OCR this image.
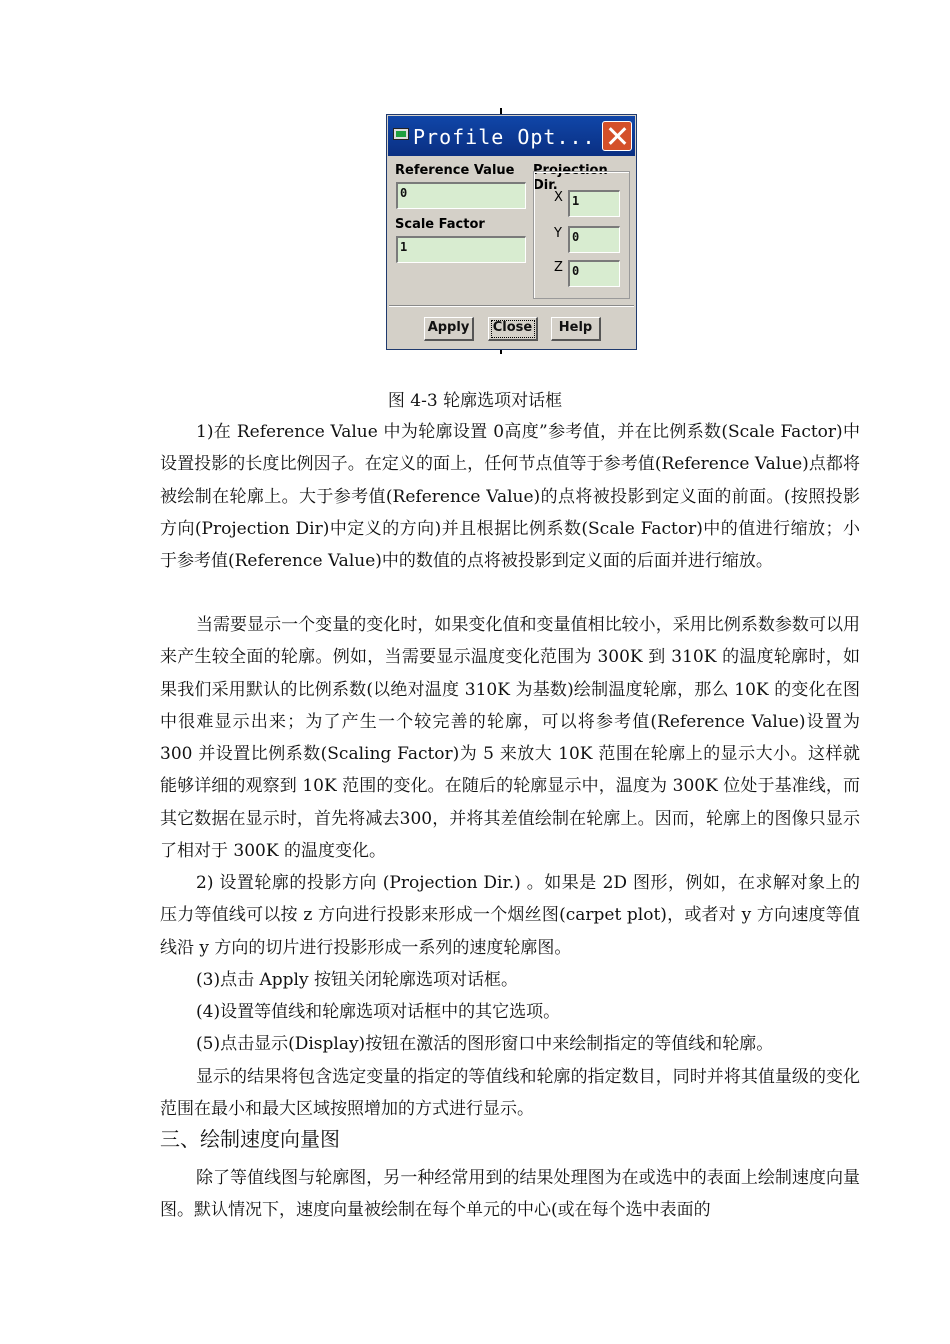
Profile Opt...
Reference Value
0
Scale Factor
1
Projection Dir.
X 1
Y 0
Z 0
Apply	Close	Help
图 4-3 轮廓选项对话框
1)在 Reference Value 中为轮廓设置 0高度”参考值，并在比例系数(Scale Factor)中设置投影的长度比例因子。在定义的面上，任何节点值等于参考值(Reference Value)点都将被绘制在轮廓上。大于参考值(Reference Value)的点将被投影到定义面的前面。(按照投影方向(Projection Dir)中定义的方向)并且根据比例系数(Scale Factor)中的值进行缩放；小于参考值(Reference Value)中的数值的点将被投影到定义面的后面并进行缩放。
当需要显示一个变量的变化时，如果变化值和变量值相比较小，采用比例系数参数可以用来产生较全面的轮廓。例如，当需要显示温度变化范围为 300K 到 310K 的温度轮廓时，如果我们采用默认的比例系数(以绝对温度 310K 为基数)绘制温度轮廓，那么 10K 的变化在图中很难显示出来；为了产生一个较完善的轮廓，可以将参考值(Reference Value)设置为 300 并设置比例系数(Scaling Factor)为 5 来放大 10K 范围在轮廓上的显示大小。这样就能够详细的观察到 10K 范围的变化。在随后的轮廓显示中，温度为 300K 位处于基准线，而其它数据在显示时，首先将减去300，并将其差值绘制在轮廓上。因而，轮廓上的图像只显示了相对于 300K 的温度变化。
2) 设置轮廓的投影方向 (Projection Dir.) 。如果是 2D 图形，例如，在求解对象上的压力等值线可以按 z 方向进行投影来形成一个烟丝图(carpet plot)，或者对 y 方向速度等值线沿 y 方向的切片进行投影形成一系列的速度轮廓图。
(3)点击 Apply 按钮关闭轮廓选项对话框。
(4)设置等值线和轮廓选项对话框中的其它选项。
(5)点击显示(Display)按钮在激活的图形窗口中来绘制指定的等值线和轮廓。
显示的结果将包含选定变量的指定的等值线和轮廓的指定数目，同时并将其值量级的变化范围在最小和最大区域按照增加的方式进行显示。
三、绘制速度向量图
除了等值线图与轮廓图，另一种经常用到的结果处理图为在或选中的表面上绘制速度向量图。默认情况下，速度向量被绘制在每个单元的中心(或在每个选中表面的
